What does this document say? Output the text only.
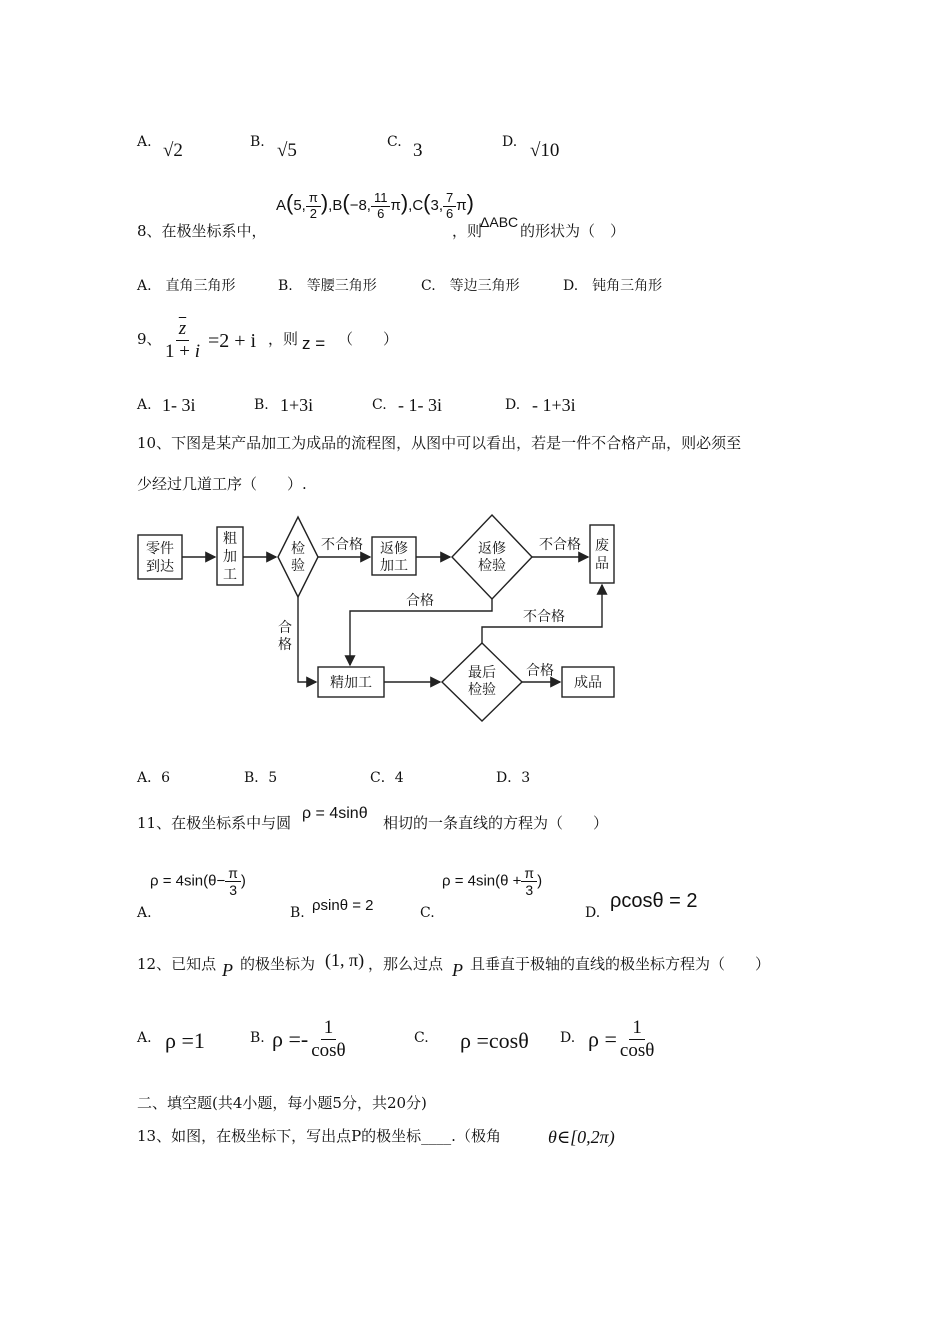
A. √2	B. √5	C. 3	D. √10
8、在极坐标系中，
A(5, $\frac{\pi}{2} ),B(-8$, $\frac{11}{6} \pi),C(3$, $\frac{7}{6} \pi$)
，则
ΔABC 的形状为（　）
A.　直角三角形	B.　等腰三角形	C.　等边三角形	D.　钝角三角形
9、 $\frac{\overline{z}}{1 + i} =2 + i$ ，则 z = （　　）
A. 1- 3i	B. 1+3i	C. - 1- 3i	D. - 1+3i
10、下图是某产品加工为成品的流程图，从图中可以看出，若是一件不合格产品，则必须至
少经过几道工序（　　）.
零件
到达
粗
加
工
检
验
返修
加工
返修
检验
废
品
精加工
最后
检验	成品
不合格	不合格
不合格
合格
合
格
合格
A．6	B．5	C．4	D．3
11、在极坐标系中与圆
ρ = 4sinθ
相切的一条直线的方程为（　　）
A.
$\rho = 4\sin(\theta- \frac{\pi}{3}$ )
B. ρsinθ = 2	C.
$\rho = 4\sin(\theta + \frac{\pi}{3}$ )
D.
ρcosθ = 2
12、已知点 P 的极坐标为 (1, π) ，那么过点 P 且垂直于极轴的直线的极坐标方程为（　　）
A. ρ =1	B. $\rho =- \frac{1}{\cos\theta}$	C. ρ =cosθ D. $\rho = \frac{1}{\cos\theta}$
二、填空题(共4小题，每小题5分，共20分)
13、如图，在极坐标下，写出点P的极坐标____.（极角	θ∈[0,2π)
